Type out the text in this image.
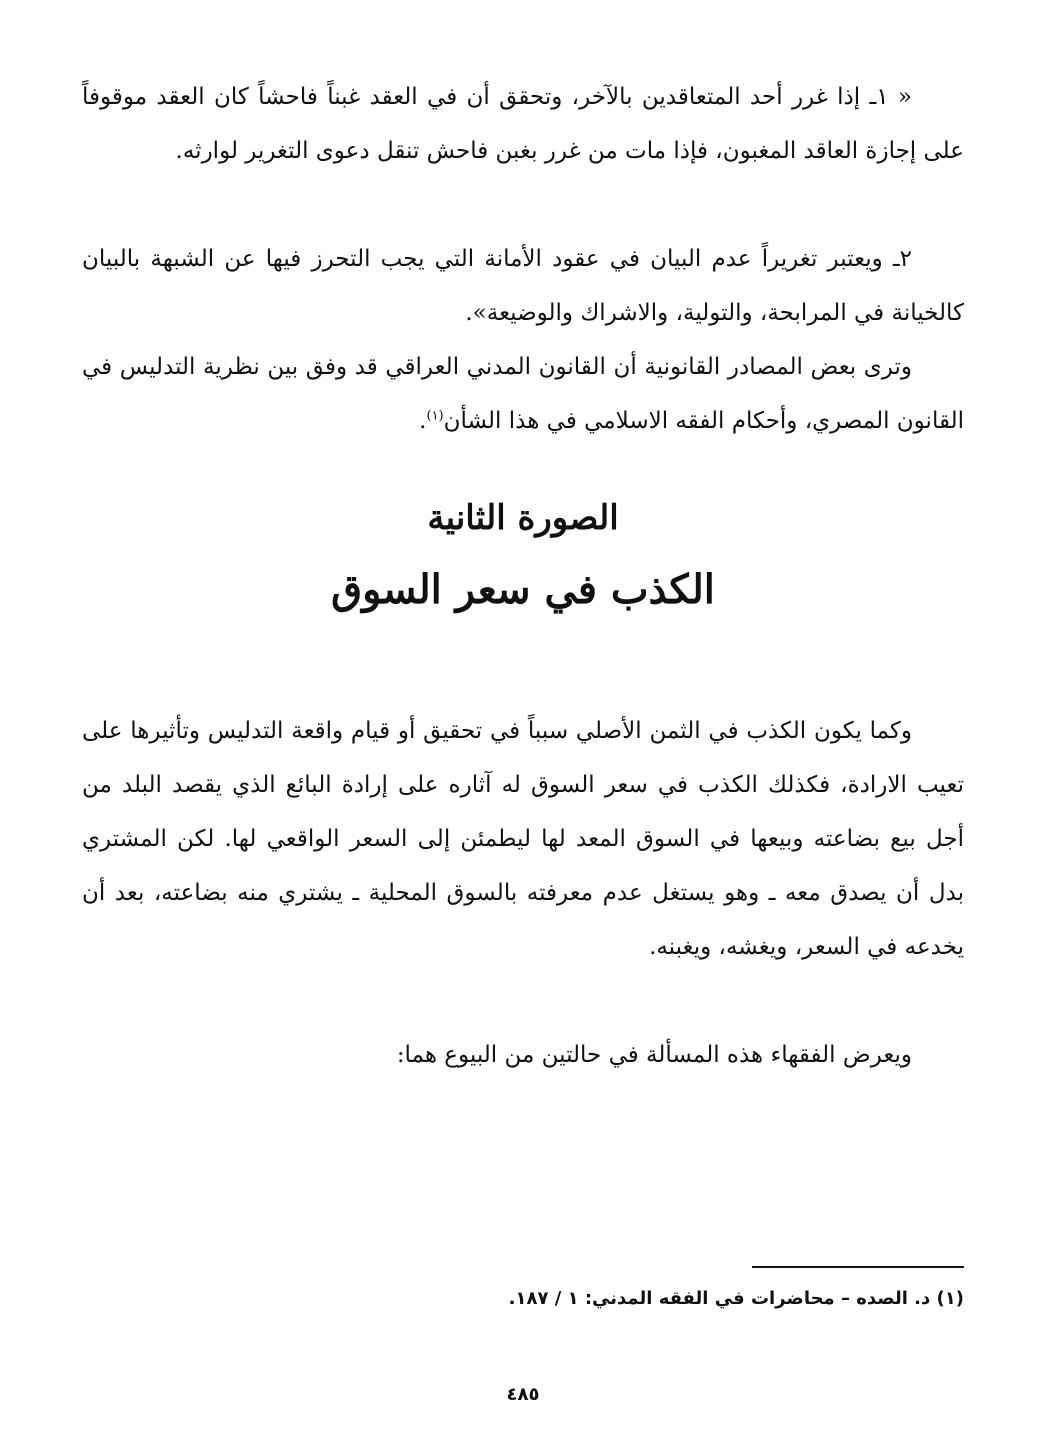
« ١ـ إذا غرر أحد المتعاقدين بالآخر، وتحقق أن في العقد غبناً فاحشاً كان العقد موقوفاً على إجازة العاقد المغبون، فإذا مات من غرر بغبن فاحش تنقل دعوى التغرير لوارثه.

٢ـ ويعتبر تغريراً عدم البيان في عقود الأمانة التي يجب التحرز فيها عن الشبهة بالبيان كالخيانة في المرابحة، والتولية، والاشراك والوضيعة».

وترى بعض المصادر القانونية أن القانون المدني العراقي قد وفق بين نظرية التدليس في القانون المصري، وأحكام الفقه الاسلامي في هذا الشأن$^{(١)}$.

الصورة الثانية
الكذب في سعر السوق

وكما يكون الكذب في الثمن الأصلي سبباً في تحقيق أو قيام واقعة التدليس وتأثيرها على تعيب الارادة، فكذلك الكذب في سعر السوق له آثاره على إرادة البائع الذي يقصد البلد من أجل بيع بضاعته وبيعها في السوق المعد لها ليطمئن إلى السعر الواقعي لها. لكن المشتري بدل أن يصدق معه ـ وهو يستغل عدم معرفته بالسوق المحلية ـ يشتري منه بضاعته، بعد أن يخدعه في السعر، ويغشه، ويغبنه.

ويعرض الفقهاء هذه المسألة في حالتين من البيوع هما:

(١) د. الصده – محاضرات في الفقه المدني: ١ / ١٨٧.

٤٨٥
